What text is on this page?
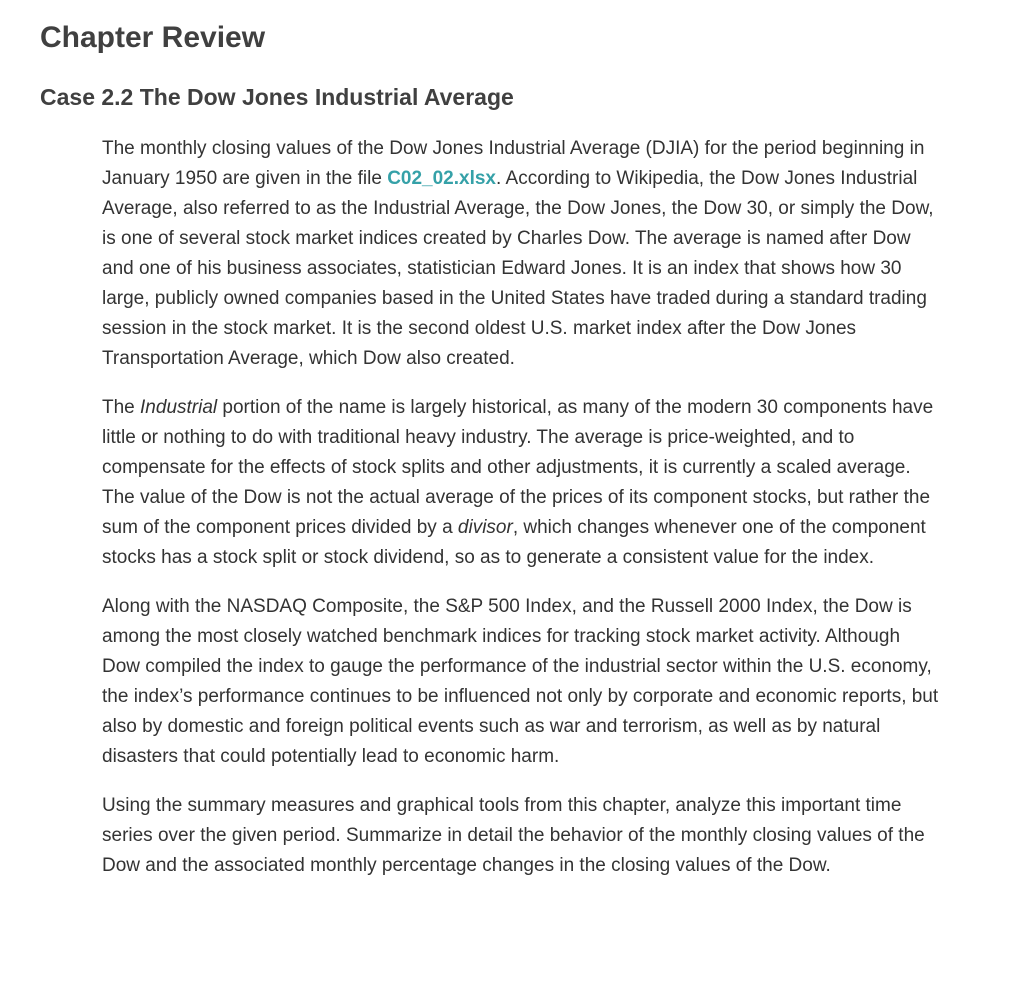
Chapter Review
Case 2.2 The Dow Jones Industrial Average

The monthly closing values of the Dow Jones Industrial Average (DJIA) for the period beginning in January 1950 are given in the file C02_02.xlsx. According to Wikipedia, the Dow Jones Industrial Average, also referred to as the Industrial Average, the Dow Jones, the Dow 30, or simply the Dow, is one of several stock market indices created by Charles Dow. The average is named after Dow and one of his business associates, statistician Edward Jones. It is an index that shows how 30 large, publicly owned companies based in the United States have traded during a standard trading session in the stock market. It is the second oldest U.S. market index after the Dow Jones Transportation Average, which Dow also created.

The Industrial portion of the name is largely historical, as many of the modern 30 components have little or nothing to do with traditional heavy industry. The average is price-weighted, and to compensate for the effects of stock splits and other adjustments, it is currently a scaled average. The value of the Dow is not the actual average of the prices of its component stocks, but rather the sum of the component prices divided by a divisor, which changes whenever one of the component stocks has a stock split or stock dividend, so as to generate a consistent value for the index.

Along with the NASDAQ Composite, the S&P 500 Index, and the Russell 2000 Index, the Dow is among the most closely watched benchmark indices for tracking stock market activity. Although Dow compiled the index to gauge the performance of the industrial sector within the U.S. economy, the index’s performance continues to be influenced not only by corporate and economic reports, but also by domestic and foreign political events such as war and terrorism, as well as by natural disasters that could potentially lead to economic harm.

Using the summary measures and graphical tools from this chapter, analyze this important time series over the given period. Summarize in detail the behavior of the monthly closing values of the Dow and the associated monthly percentage changes in the closing values of the Dow.
